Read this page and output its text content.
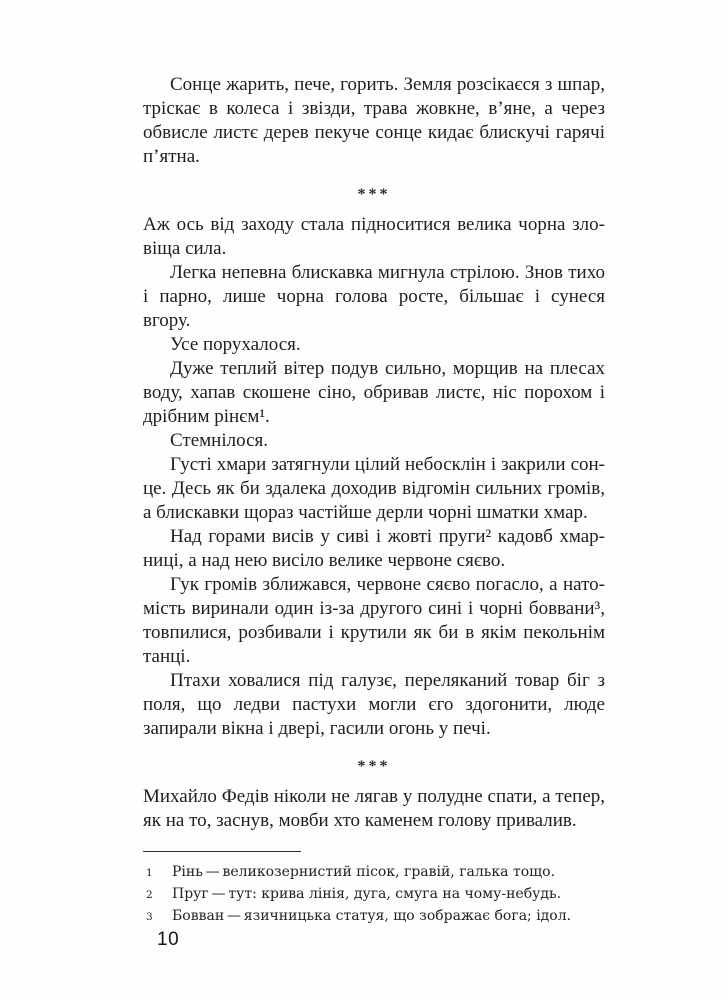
Сонце жарить, пече, горить. Земля розсікаєся з шпар, тріскає в колеса і звізди, трава жовкне, в’яне, а через обвисле листє дерев пекуче сонце кидає блискучі гарячі п’ятна.

***

Аж ось від заходу стала підноситися велика чорна зловіща сила.

Легка непевна блискавка мигнула стрілою. Знов тихо і парно, лише чорна голова росте, більшає і сунеся вгору.

Усе порухалося.

Дуже теплий вітер подув сильно, морщив на плесах воду, хапав скошене сіно, обривав листє, ніс порохом і дрібним рінєм¹.

Стемнілося.

Густі хмари затягнули цілий небосклін і закрили сонце. Десь як би здалека доходив відгомін сильних громів, а блискавки щораз частійше дерли чорні шматки хмар.

Над горами висів у сиві і жовті пруги² кадовб хмарниці, а над нею висіло велике червоне сяєво.

Гук громів зближався, червоне сяєво погасло, а натомість виринали один із-за другого сині і чорні боввани³, товпилися, розбивали і крутили як би в якім пекольнім танці.

Птахи ховалися під галузє, переляканий товар біг з поля, що ледви пастухи могли єго здогонити, люде запирали вікна і двері, гасили огонь у печі.

***

Михайло Федів ніколи не лягав у полудне спати, а тепер, як на то, заснув, мовби хто каменем голову привалив.

1 Рінь — великозернистий пісок, гравій, галька тощо.
2 Пруг — тут: крива лінія, дуга, смуга на чому-небудь.
3 Бовван — язичницька статуя, що зображає бога; ідол.
10
